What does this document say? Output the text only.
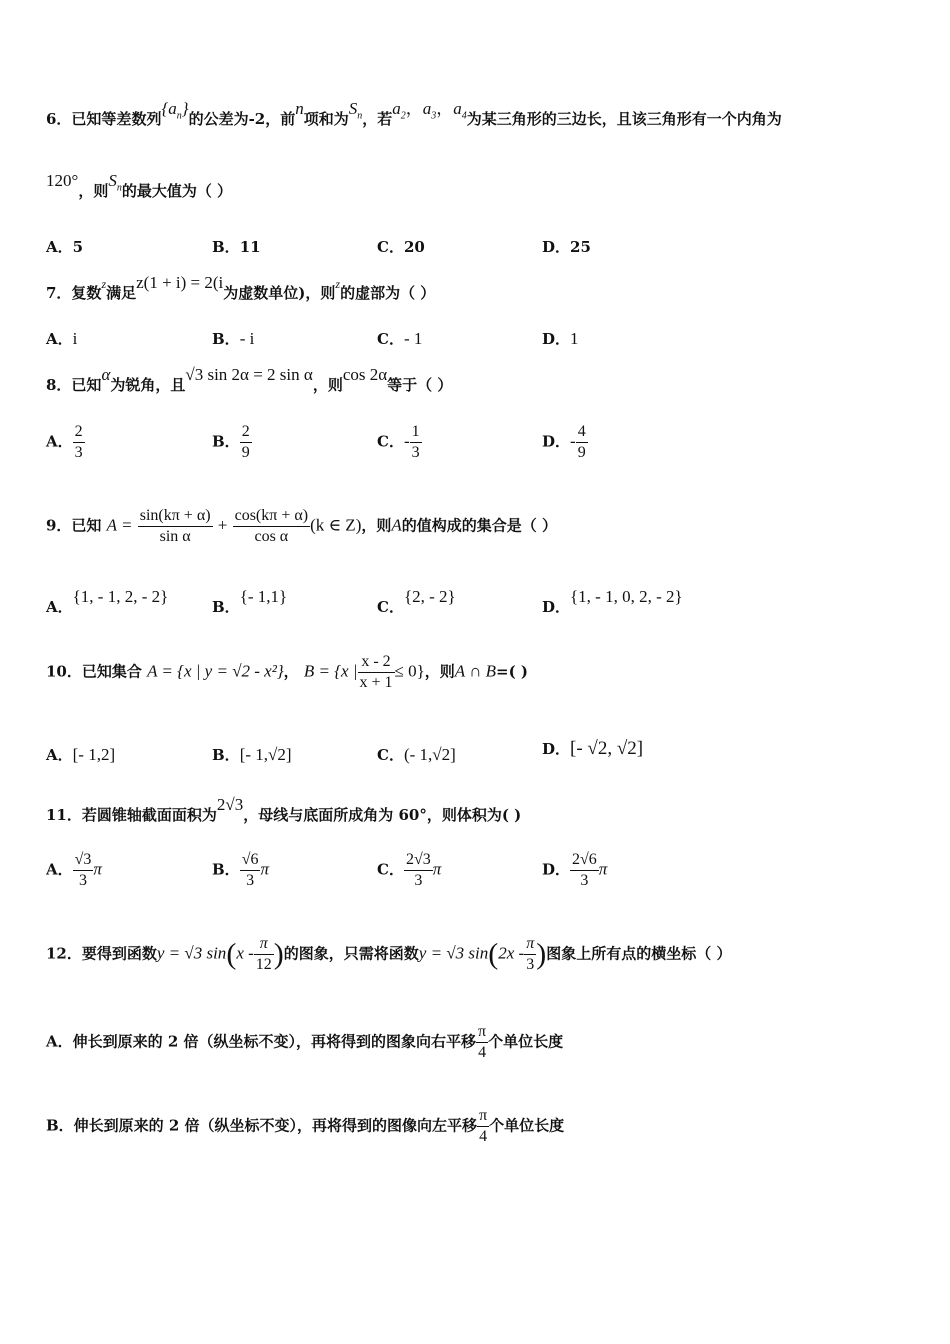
6．已知等差数列$\{a_n\}$的公差为-2，前n项和为$S_n$，若$a_2$，$a_3$，$a_4$为某三角形的三边长，且该三角形有一个内角为
120°，则$S_n$的最大值为（ ）
A．5	B．11	C．20	D．25
7．复数$^z$满足z(1 + i) = 2(i为虚数单位)，则$^z$的虚部为（ ）
A．i	B．- i	C．- 1	D．1
8．已知α为锐角，且√3 sin 2α = 2 sin α，则cos 2α等于（ ）
A． $\frac{2}{3}$	B． $\frac{2}{9}$	C．- $\frac{1}{3}$	D．- $\frac{4}{9}$
9．已知 $A = \frac{\sin(k\pi + \alpha)}{\text{sin α}} + \frac{\cos(k\pi + \alpha)}{\text{cos α}} (k$ ∈ Z)，则A的值构成的集合是（ ）
A．{1, - 1, 2, - 2}
B．{- 1,1}
C．{2, - 2}
D．{1, - 1, 0, 2, - 2}
10．已知集合 A = {x | y = √2 - x²}， B = {x | $\frac{x - 2}{x + 1} \le 0$}，则A ∩ B=( )
A．[- 1,2]	B．[- 1,√2]	C．(- 1,√2]	D．[- √2, √2]
11．若圆锥轴截面面积为2√3，母线与底面所成角为 60°，则体积为( )
A． $\frac{√3}{3}$ π	B． $\frac{√6}{3}$ π	C． $\frac{2√3}{3}$ π	D． $\frac{2√6}{3}$ π
12．要得到函数y = √3 $\sin(x - \frac{\pi}{12}$ )的图象，只需将函数y = √3 $\sin(2x - \frac{\pi}{3}$ )图象上所有点的横坐标（ ）
A．伸长到原来的 2 倍（纵坐标不变），再将得到的图象向右平移 $\frac{\pi}{4}$ 个单位长度
B．伸长到原来的 2 倍（纵坐标不变），再将得到的图像向左平移 $\frac{\pi}{4}$ 个单位长度
